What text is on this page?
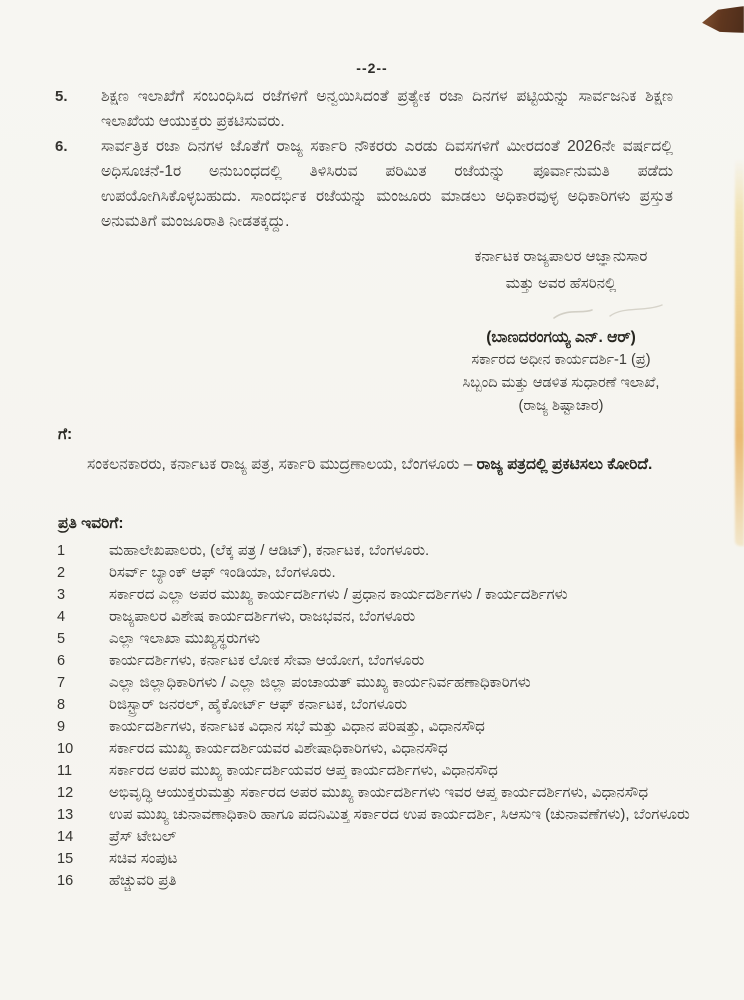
--2--
5.	ಶಿಕ್ಷಣ ಇಲಾಖೆಗೆ ಸಂಬಂಧಿಸಿದ ರಜೆಗಳಿಗೆ ಅನ್ವಯಿಸಿದಂತೆ ಪ್ರತ್ಯೇಕ ರಜಾ ದಿನಗಳ ಪಟ್ಟಿಯನ್ನು ಸಾರ್ವಜನಿಕ ಶಿಕ್ಷಣ ಇಲಾಖೆಯ ಆಯುಕ್ತರು ಪ್ರಕಟಿಸುವರು.
6.	ಸಾರ್ವತ್ರಿಕ ರಜಾ ದಿನಗಳ ಜೊತೆಗೆ ರಾಜ್ಯ ಸರ್ಕಾರಿ ನೌಕರರು ಎರಡು ದಿವಸಗಳಿಗೆ ಮೀರದಂತೆ 2026ನೇ ವರ್ಷದಲ್ಲಿ ಅಧಿಸೂಚನೆ-1ರ ಅನುಬಂಧದಲ್ಲಿ ತಿಳಿಸಿರುವ ಪರಿಮಿತ ರಜೆಯನ್ನು ಪೂರ್ವಾನುಮತಿ ಪಡೆದು ಉಪಯೋಗಿಸಿಕೊಳ್ಳಬಹುದು. ಸಾಂದರ್ಭಿಕ ರಜೆಯನ್ನು ಮಂಜೂರು ಮಾಡಲು ಅಧಿಕಾರವುಳ್ಳ ಅಧಿಕಾರಿಗಳು ಪ್ರಸ್ತುತ ಅನುಮತಿಗೆ ಮಂಜೂರಾತಿ ನೀಡತಕ್ಕದ್ದು.
ಕರ್ನಾಟಕ ರಾಜ್ಯಪಾಲರ ಆಜ್ಞಾನುಸಾರ
ಮತ್ತು ಅವರ ಹೆಸರಿನಲ್ಲಿ
(ಬಾಣದರಂಗಯ್ಯ ಎನ್. ಆರ್)
ಸರ್ಕಾರದ ಅಧೀನ ಕಾರ್ಯದರ್ಶಿ-1 (ಪ್ರ)
ಸಿಬ್ಬಂದಿ ಮತ್ತು ಆಡಳಿತ ಸುಧಾರಣೆ ಇಲಾಖೆ,
(ರಾಜ್ಯ ಶಿಷ್ಟಾಚಾರ)
ಗೆ:

ಸಂಕಲನಕಾರರು, ಕರ್ನಾಟಕ ರಾಜ್ಯ ಪತ್ರ, ಸರ್ಕಾರಿ ಮುದ್ರಣಾಲಯ, ಬೆಂಗಳೂರು – ರಾಜ್ಯ ಪತ್ರದಲ್ಲಿ ಪ್ರಕಟಿಸಲು ಕೋರಿದೆ.

ಪ್ರತಿ ಇವರಿಗೆ:
1	ಮಹಾಲೇಖಪಾಲರು, (ಲೆಕ್ಕ ಪತ್ರ / ಆಡಿಟ್), ಕರ್ನಾಟಕ, ಬೆಂಗಳೂರು.
2	ರಿಸರ್ವ್ ಬ್ಯಾಂಕ್ ಆಫ್ ಇಂಡಿಯಾ, ಬೆಂಗಳೂರು.
3	ಸರ್ಕಾರದ ಎಲ್ಲಾ ಅಪರ ಮುಖ್ಯ ಕಾರ್ಯದರ್ಶಿಗಳು / ಪ್ರಧಾನ ಕಾರ್ಯದರ್ಶಿಗಳು / ಕಾರ್ಯದರ್ಶಿಗಳು
4	ರಾಜ್ಯಪಾಲರ ವಿಶೇಷ ಕಾರ್ಯದರ್ಶಿಗಳು, ರಾಜಭವನ, ಬೆಂಗಳೂರು
5	ಎಲ್ಲಾ ಇಲಾಖಾ ಮುಖ್ಯಸ್ಥರುಗಳು
6	ಕಾರ್ಯದರ್ಶಿಗಳು, ಕರ್ನಾಟಕ ಲೋಕ ಸೇವಾ ಆಯೋಗ, ಬೆಂಗಳೂರು
7	ಎಲ್ಲಾ ಜಿಲ್ಲಾಧಿಕಾರಿಗಳು / ಎಲ್ಲಾ ಜಿಲ್ಲಾ ಪಂಚಾಯತ್ ಮುಖ್ಯ ಕಾರ್ಯನಿರ್ವಹಣಾಧಿಕಾರಿಗಳು
8	ರಿಜಿಸ್ಟ್ರಾರ್ ಜನರಲ್, ಹೈಕೋರ್ಟ್ ಆಫ್ ಕರ್ನಾಟಕ, ಬೆಂಗಳೂರು
9	ಕಾರ್ಯದರ್ಶಿಗಳು, ಕರ್ನಾಟಕ ವಿಧಾನ ಸಭೆ ಮತ್ತು ವಿಧಾನ ಪರಿಷತ್ತು, ವಿಧಾನಸೌಧ
10	ಸರ್ಕಾರದ ಮುಖ್ಯ ಕಾರ್ಯದರ್ಶಿಯವರ ವಿಶೇಷಾಧಿಕಾರಿಗಳು, ವಿಧಾನಸೌಧ
11	ಸರ್ಕಾರದ ಅಪರ ಮುಖ್ಯ ಕಾರ್ಯದರ್ಶಿಯವರ ಆಪ್ತ ಕಾರ್ಯದರ್ಶಿಗಳು, ವಿಧಾನಸೌಧ
12	ಅಭಿವೃದ್ಧಿ ಆಯುಕ್ತರುಮತ್ತು ಸರ್ಕಾರದ ಅಪರ ಮುಖ್ಯ ಕಾರ್ಯದರ್ಶಿಗಳು ಇವರ ಆಪ್ತ ಕಾರ್ಯದರ್ಶಿಗಳು, ವಿಧಾನಸೌಧ
13	ಉಪ ಮುಖ್ಯ ಚುನಾವಣಾಧಿಕಾರಿ ಹಾಗೂ ಪದನಿಮಿತ್ತ ಸರ್ಕಾರದ ಉಪ ಕಾರ್ಯದರ್ಶಿ, ಸಿಆಸುಇ (ಚುನಾವಣೆಗಳು), ಬೆಂಗಳೂರು
14	ಪ್ರೆಸ್ ಟೇಬಲ್
15	ಸಚಿವ ಸಂಪುಟ
16	ಹೆಚ್ಚುವರಿ ಪ್ರತಿ
